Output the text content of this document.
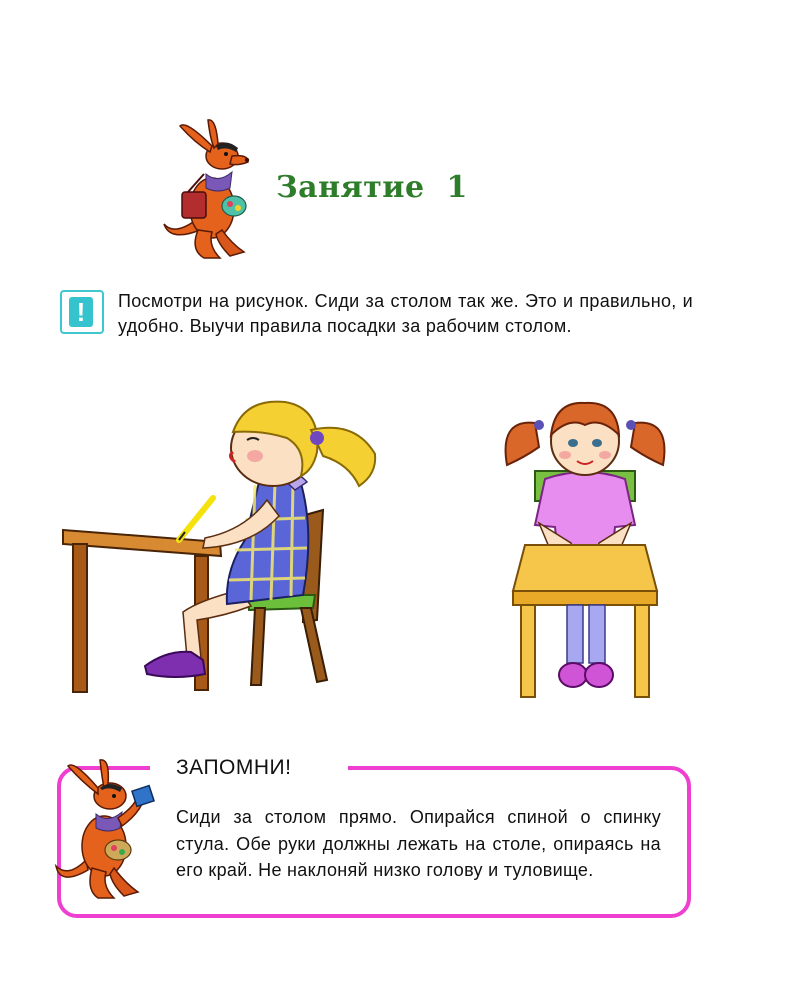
Занятие  1
!	Посмотри на рисунок. Сиди за столом так же. Это и правильно, и удобно. Выучи правила посадки за рабочим столом.

ЗАПОМНИ!

Сиди за столом прямо. Опирайся спиной о спинку стула. Обе руки должны лежать на столе, опираясь на его край. Не наклоняй низко голову и туловище.
